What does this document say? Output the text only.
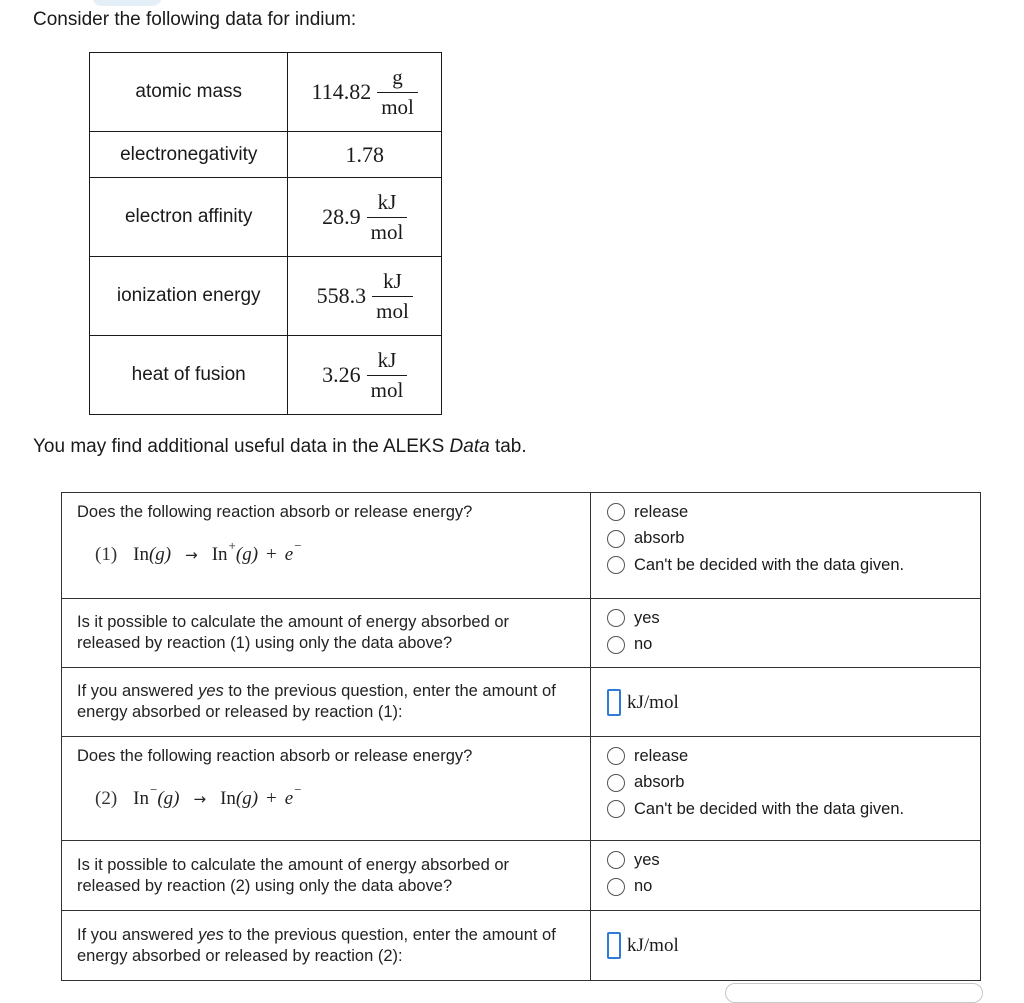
Consider the following data for indium:

atomic mass	$114.82 \frac{g}{\text{mol}}$

electronegativity	1.78
electron affinity	$28.9 \frac{kJ}{\text{mol}}$

ionization energy	$558.3 \frac{kJ}{\text{mol}}$

heat of fusion	$3.26 \frac{kJ}{\text{mol}}$

You may find additional useful data in the ALEKS Data tab.

Does the following reaction absorb or release energy?
(1) In(g) → In+(g) + e−
release
absorb
Can't be decided with the data given.
Is it possible to calculate the amount of energy absorbed or released by reaction (1) using only the data above?
yes
no
If you answered yes to the previous question, enter the amount of energy absorbed or released by reaction (1):	kJ/mol
Does the following reaction absorb or release energy?
(2) In−(g) → In(g) + e−
release
absorb
Can't be decided with the data given.
Is it possible to calculate the amount of energy absorbed or released by reaction (2) using only the data above?
yes
no
If you answered yes to the previous question, enter the amount of energy absorbed or released by reaction (2):	kJ/mol
